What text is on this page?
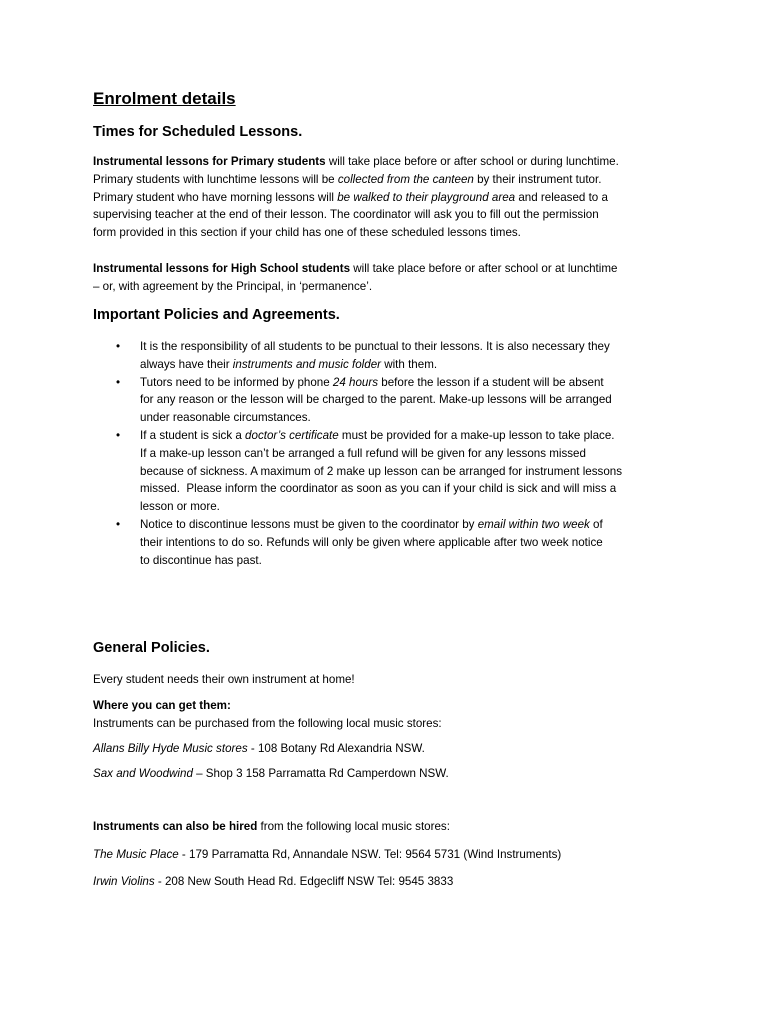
Enrolment details
Times for Scheduled Lessons.
Instrumental lessons for Primary students will take place before or after school or during lunchtime.
Primary students with lunchtime lessons will be collected from the canteen by their instrument tutor.
Primary student who have morning lessons will be walked to their playground area and released to a
supervising teacher at the end of their lesson. The coordinator will ask you to fill out the permission
form provided in this section if your child has one of these scheduled lessons times.
Instrumental lessons for High School students will take place before or after school or at lunchtime
– or, with agreement by the Principal, in ‘permanence’.
Important Policies and Agreements.
• It is the responsibility of all students to be punctual to their lessons. It is also necessary they
always have their instruments and music folder with them.
• Tutors need to be informed by phone 24 hours before the lesson if a student will be absent
for any reason or the lesson will be charged to the parent. Make-up lessons will be arranged
under reasonable circumstances.
• If a student is sick a doctor’s certificate must be provided for a make-up lesson to take place.
If a make-up lesson can’t be arranged a full refund will be given for any lessons missed
because of sickness. A maximum of 2 make up lesson can be arranged for instrument lessons
missed.  Please inform the coordinator as soon as you can if your child is sick and will miss a
lesson or more.
• Notice to discontinue lessons must be given to the coordinator by email within two week of
their intentions to do so. Refunds will only be given where applicable after two week notice
to discontinue has past.
General Policies.
Every student needs their own instrument at home!
Where you can get them:
Instruments can be purchased from the following local music stores:
Allans Billy Hyde Music stores - 108 Botany Rd Alexandria NSW.
Sax and Woodwind – Shop 3 158 Parramatta Rd Camperdown NSW.
Instruments can also be hired from the following local music stores:
The Music Place - 179 Parramatta Rd, Annandale NSW. Tel: 9564 5731 (Wind Instruments)
Irwin Violins - 208 New South Head Rd. Edgecliff NSW Tel: 9545 3833
